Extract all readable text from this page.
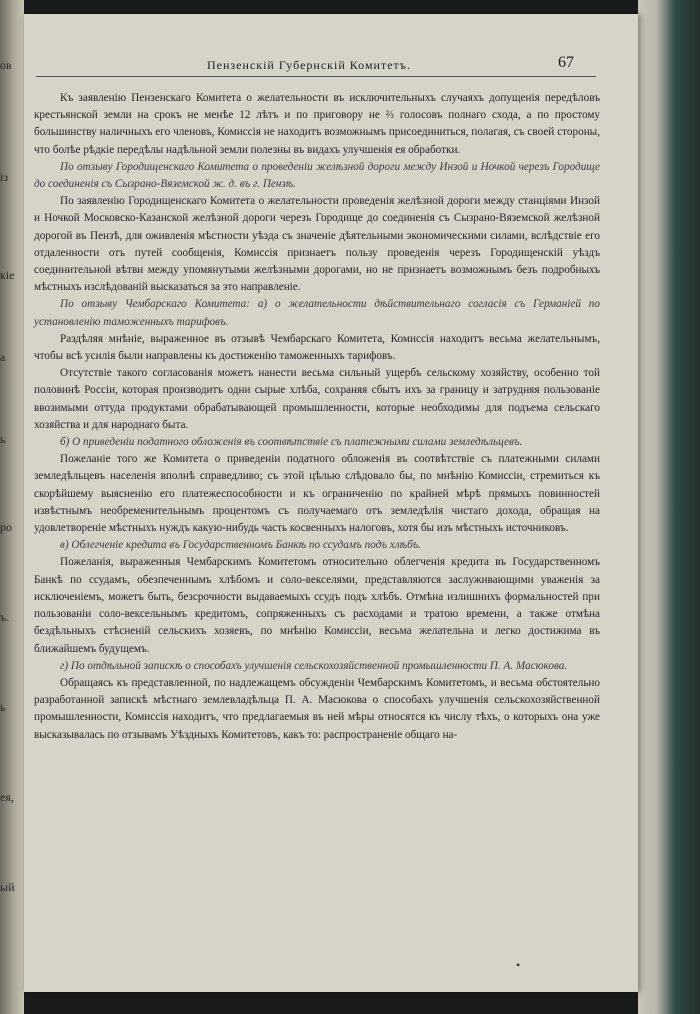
ов
із
кіе
а
ь
ро
ъ.
ь
ея,
ый
Пензенскій Губернскій Комитетъ.	67

Къ заявленію Пензенскаго Комитета о желательности въ исключительныхъ случаяхъ допущенія передѣловъ крестьянской земли на срокъ не менѣе 12 лѣтъ и по приговору не ⅔ голосовъ полнаго схода, а по простому большинству наличныхъ его членовъ, Комиссія не находитъ возможнымъ присоединиться, полагая, съ своей стороны, что болѣе рѣдкіе передѣлы надѣльной земли полезны въ видахъ улучшенія ея обработки.

По отзыву Городищенскаго Комитета о проведеніи желѣзной дороги между Инзой и Ночкой черезъ Городище до соединенія съ Сызрано-Вяземской ж. д. въ г. Пензѣ.

По заявленію Городищенскаго Комитета о желательности проведенія желѣзной дороги между станціями Инзой и Ночкой Московско-Казанской желѣзной дороги черезъ Городище до соединенія съ Сызрано-Вяземской желѣзной дорогой въ Пензѣ, для оживленія мѣстности уѣзда съ значенiе дѣятельными экономическими силами, вслѣдствіе его отдаленности отъ путей сообщенія, Комиссія признаетъ пользу проведенія черезъ Городищенскій уѣздъ соединительной вѣтви между упомянутыми желѣзными дорогами, но не признаетъ возможнымъ безъ подробныхъ мѣстныхъ изслѣдованій высказаться за это направленіе.

По отзыву Чембарскаго Комитета: а) о желательности дѣйствительнаго согласія съ Германіей по установленію таможенныхъ тарифовъ.

Раздѣляя мнѣніе, выраженное въ отзывѣ Чембарскаго Комитета, Комиссія находитъ весьма желательнымъ, чтобы всѣ усилія были направлены къ достиженію таможенныхъ тарифовъ.

Отсутствіе такого согласованія можетъ нанести весьма сильный ущербъ сельскому хозяйству, особенно той половинѣ Россіи, которая производитъ одни сырые хлѣба, сохраняя сбытъ ихъ за границу и затрудняя пользованіе ввозимыми оттуда продуктами обрабатывающей промышленности, которые необходимы для подъема сельскаго хозяйства и для народнаго быта.

б) О приведеніи податного обложенія въ соотвѣтствіе съ платежными силами земледѣльцевъ.

Пожеланіе того же Комитета о приведеніи податного обложенія въ соотвѣтствіе съ платежными силами земледѣльцевъ населенія вполнѣ справедливо; съ этой цѣлью слѣдовало бы, по мнѣнію Комиссіи, стремиться къ скорѣйшему выясненію его платежеспособности и къ ограниченію по крайней мѣрѣ прямыхъ повинностей извѣстнымъ необременительнымъ процентомъ съ получаемаго отъ земледѣлія чистаго дохода, обращая на удовлетвореніе мѣстныхъ нуждъ какую-нибудь часть косвенныхъ налоговъ, хотя бы изъ мѣстныхъ источниковъ.

в) Облегченіе кредита въ Государственномъ Банкѣ по ссудамъ подъ хлѣбъ.

Пожеланія, выраженныя Чембарскимъ Комитетомъ относительно облегченія кредита въ Государственномъ Банкѣ по ссудамъ, обезпеченнымъ хлѣбомъ и соло-векселями, представляются заслуживающими уваженія за исключеніемъ, можетъ быть, безсрочности выдаваемыхъ ссудъ подъ хлѣбъ. Отмѣна излишнихъ формальностей при пользованіи соло-вексельнымъ кредитомъ, сопряженныхъ съ расходами и тратою времени, а также отмѣна бездѣльныхъ стѣсненій сельскихъ хозяевъ, по мнѣнію Комиссіи, весьма желательна и легко достижима въ ближайшемъ будущемъ.

г) По отдѣльной запискѣ о способахъ улучшенія сельскохозяйственной промышленности П. А. Масюкова.

Обращаясь къ представленной, по надлежащемъ обсужденіи Чембарскимъ Комитетомъ, и весьма обстоятельно разработанной запискѣ мѣстнаго землевладѣльца П. А. Масюкова о способахъ улучшенія сельскохозяйственной промышленности, Комиссія находитъ, что предлагаемыя въ ней мѣры относятся къ числу тѣхъ, о которыхъ она уже высказывалась по отзывамъ Уѣздныхъ Комитетовъ, какъ то: распространеніе общаго на-

•
